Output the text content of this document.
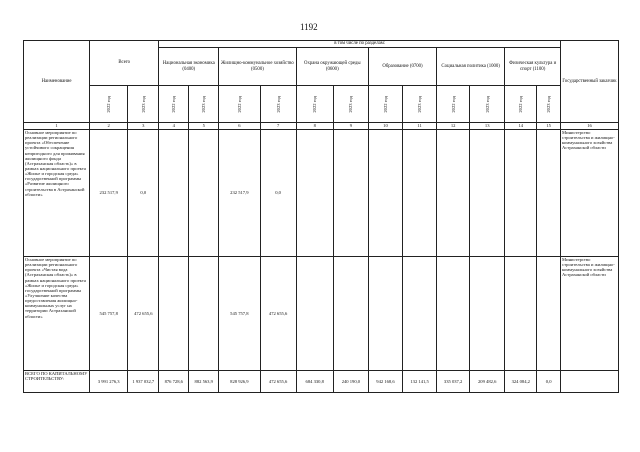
1192
Наименование	Всего		в том числе по разделам:												Государственный заказчик
			Национальная экономика (0400)		Жилищно-коммунальное хозяйство (0500)		Охрана окружающей среды (0600)		Образование (0700)		Социальная политика (1000)		Физическая культура и спорт (1100)		

	2022 год	2023 год	2022 год	2023 год	2022 год	2023 год	2022 год	2023 год	2022 год	2023 год	2022 год	2023 год	2022 год	2023 год	

1	2	3	4	5	6	7	8	9	10	11	12	13	14	15	16
Основное мероприятие по реализации регионального проекта «Обеспечение устойчивого сокращения непригодного для проживания жилищного фонда (Астраханская область)» в рамках национального проекта «Жилье и городская среда» государственной программы «Развитие жилищного строительства в Астраханской области»	232 517,9	0,0			232 517,9	0,0									Министерство строительства и жилищно-коммунального хозяйства Астраханской области
Основное мероприятие по реализации регионального проекта «Чистая вода (Астраханская область)» в рамках национального проекта «Жилье и городская среда» государственной программы «Улучшение качества предоставления жилищно-коммунальных услуг на территории Астраханской области»	545 757,8	472 655,6			545 757,8	472 655,6									Министерство строительства и жилищно-коммунального хозяйства Астраханской области
ВСЕГО ПО КАПИТАЛЬНОМУ СТРОИТЕЛЬСТВУ:	3 991 276,3	1 937 032,7	876 728,6	882 563,9	828 926,9	472 655,6	684 330,8	240 190,0	942 168,6	132 141,5	335 037,2	209 482,6	324 084,2	0,0	
